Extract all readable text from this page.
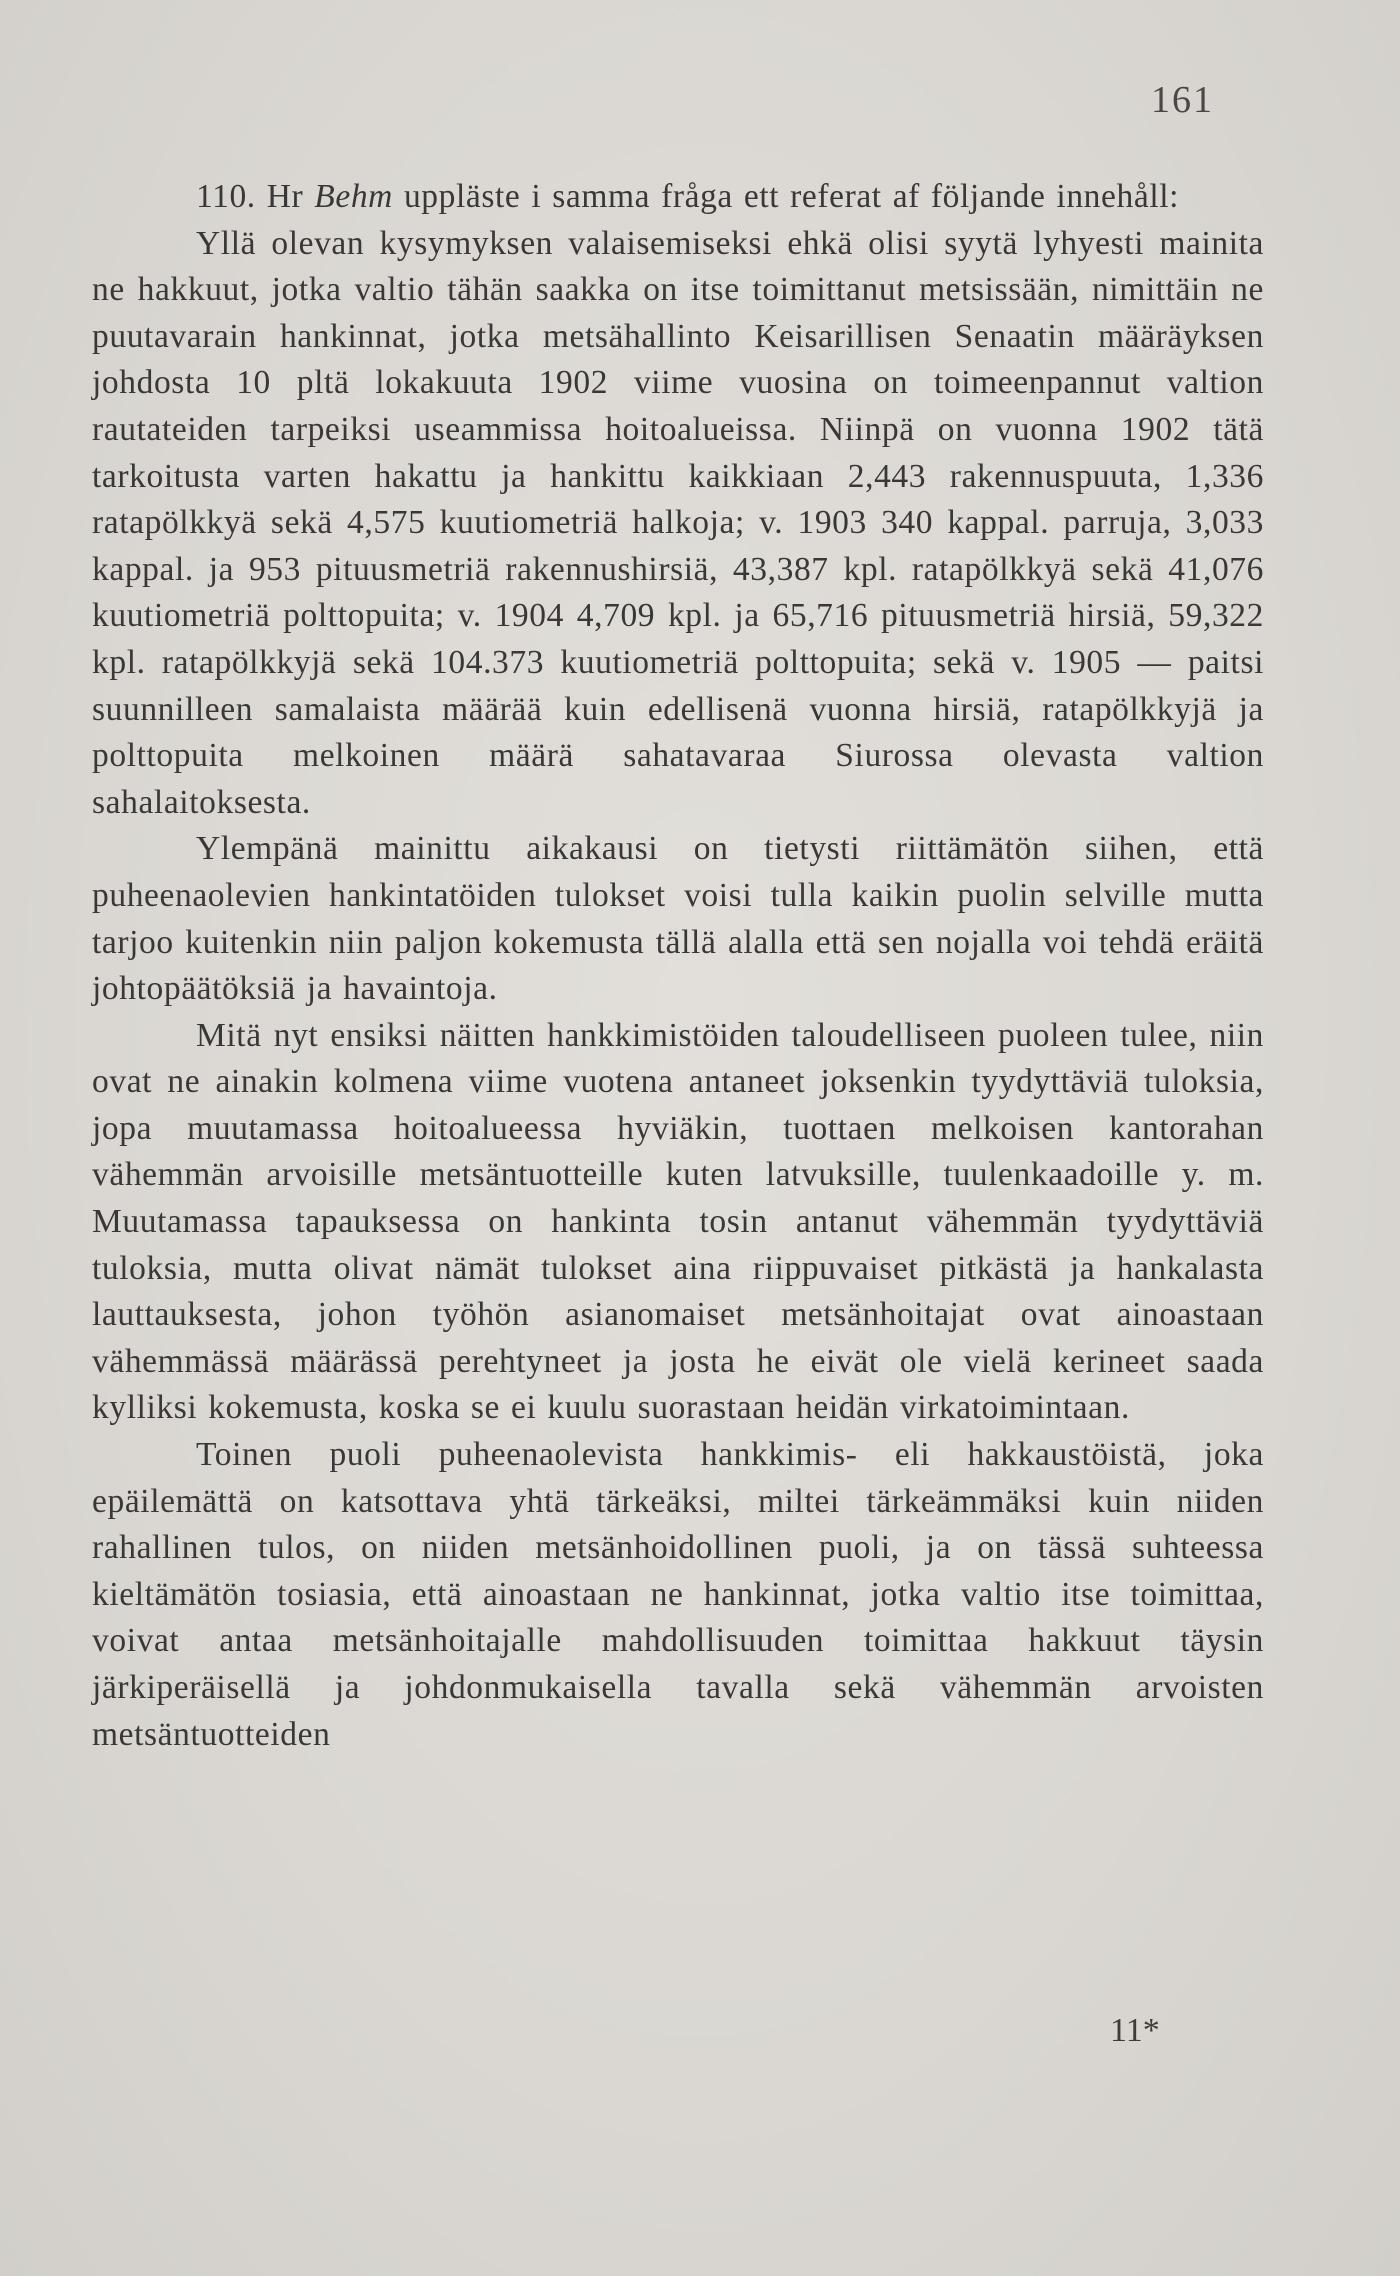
161

110. Hr Behm uppläste i samma fråga ett referat af följande innehåll:

Yllä olevan kysymyksen valaisemiseksi ehkä olisi syytä lyhyesti mainita ne hakkuut, jotka valtio tähän saakka on itse toimittanut metsissään, nimittäin ne puutavarain hankinnat, jotka metsähallinto Keisarillisen Senaatin määräyksen johdosta 10 pltä lokakuuta 1902 viime vuosina on toimeenpannut valtion rautateiden tarpeiksi useammissa hoitoalueissa. Niinpä on vuonna 1902 tätä tarkoitusta varten hakattu ja hankittu kaikkiaan 2,443 rakennuspuuta, 1,336 ratapölkkyä sekä 4,575 kuutiometriä halkoja; v. 1903 340 kappal. parruja, 3,033 kappal. ja 953 pituusmetriä rakennushirsiä, 43,387 kpl. ratapölkkyä sekä 41,076 kuutiometriä polttopuita; v. 1904 4,709 kpl. ja 65,716 pituusmetriä hirsiä, 59,322 kpl. ratapölkkyjä sekä 104.373 kuutiometriä polttopuita; sekä v. 1905 — paitsi suunnilleen samalaista määrää kuin edellisenä vuonna hirsiä, ratapölkkyjä ja polttopuita melkoinen määrä sahatavaraa Siurossa olevasta valtion sahalaitoksesta.

Ylempänä mainittu aikakausi on tietysti riittämätön siihen, että puheenaolevien hankintatöiden tulokset voisi tulla kaikin puolin selville mutta tarjoo kuitenkin niin paljon kokemusta tällä alalla että sen nojalla voi tehdä eräitä johtopäätöksiä ja havaintoja.

Mitä nyt ensiksi näitten hankkimistöiden taloudelliseen puoleen tulee, niin ovat ne ainakin kolmena viime vuotena antaneet joksenkin tyydyttäviä tuloksia, jopa muutamassa hoitoalueessa hyviäkin, tuottaen melkoisen kantorahan vähemmän arvoisille metsäntuotteille kuten latvuksille, tuulenkaadoille y. m. Muutamassa tapauksessa on hankinta tosin antanut vähemmän tyydyttäviä tuloksia, mutta olivat nämät tulokset aina riippuvaiset pitkästä ja hankalasta lauttauksesta, johon työhön asianomaiset metsänhoitajat ovat ainoastaan vähemmässä määrässä perehtyneet ja josta he eivät ole vielä kerineet saada kylliksi kokemusta, koska se ei kuulu suorastaan heidän virkatoimintaan.

Toinen puoli puheenaolevista hankkimis- eli hakkaustöistä, joka epäilemättä on katsottava yhtä tärkeäksi, miltei tärkeämmäksi kuin niiden rahallinen tulos, on niiden metsänhoidollinen puoli, ja on tässä suhteessa kieltämätön tosiasia, että ainoastaan ne hankinnat, jotka valtio itse toimittaa, voivat antaa metsänhoitajalle mahdollisuuden toimittaa hakkuut täysin järkiperäisellä ja johdonmukaisella tavalla sekä vähemmän arvoisten metsäntuotteiden

11*
